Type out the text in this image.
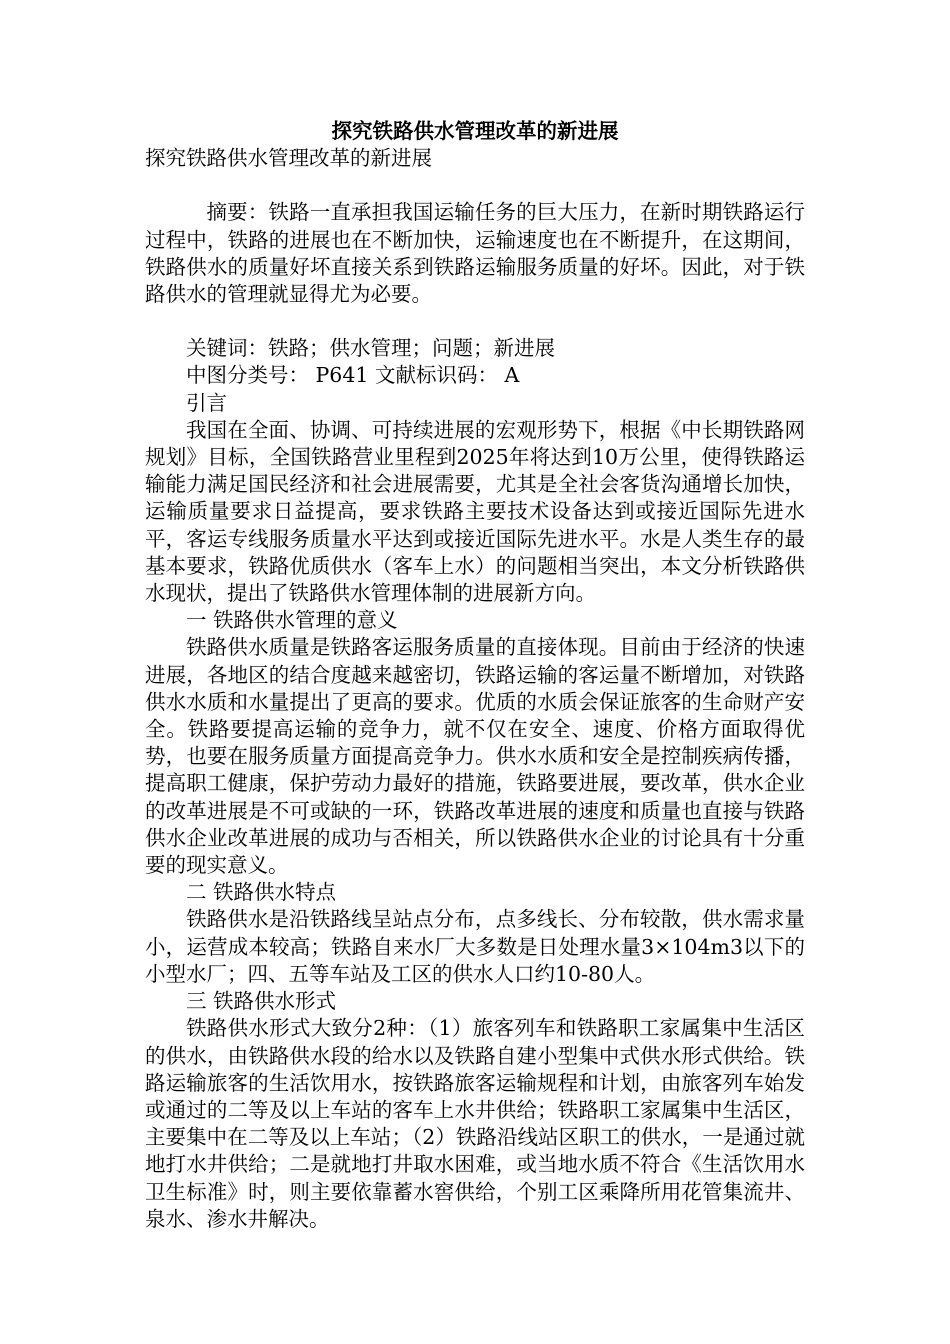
探究铁路供水管理改革的新进展

探究铁路供水管理改革的新进展

摘要：铁路一直承担我国运输任务的巨大压力，在新时期铁路运行过程中，铁路的进展也在不断加快，运输速度也在不断提升，在这期间，铁路供水的质量好坏直接关系到铁路运输服务质量的好坏。因此，对于铁路供水的管理就显得尤为必要。

关键词：铁路；供水管理；问题；新进展

中图分类号： P641 文献标识码： A

引言

我国在全面、协调、可持续进展的宏观形势下，根据《中长期铁路网规划》目标，全国铁路营业里程到2025年将达到10万公里，使得铁路运输能力满足国民经济和社会进展需要，尤其是全社会客货沟通增长加快，运输质量要求日益提高，要求铁路主要技术设备达到或接近国际先进水平，客运专线服务质量水平达到或接近国际先进水平。水是人类生存的最基本要求，铁路优质供水（客车上水）的问题相当突出，本文分析铁路供水现状，提出了铁路供水管理体制的进展新方向。

一 铁路供水管理的意义

铁路供水质量是铁路客运服务质量的直接体现。目前由于经济的快速进展，各地区的结合度越来越密切，铁路运输的客运量不断增加，对铁路供水水质和水量提出了更高的要求。优质的水质会保证旅客的生命财产安全。铁路要提高运输的竞争力，就不仅在安全、速度、价格方面取得优势，也要在服务质量方面提高竞争力。供水水质和安全是控制疾病传播，提高职工健康，保护劳动力最好的措施，铁路要进展，要改革，供水企业的改革进展是不可或缺的一环，铁路改革进展的速度和质量也直接与铁路供水企业改革进展的成功与否相关，所以铁路供水企业的讨论具有十分重要的现实意义。

二 铁路供水特点

铁路供水是沿铁路线呈站点分布，点多线长、分布较散，供水需求量小，运营成本较高；铁路自来水厂大多数是日处理水量3×104m3以下的小型水厂；四、五等车站及工区的供水人口约10-80人。

三 铁路供水形式

铁路供水形式大致分2种：（1）旅客列车和铁路职工家属集中生活区的供水，由铁路供水段的给水以及铁路自建小型集中式供水形式供给。铁路运输旅客的生活饮用水，按铁路旅客运输规程和计划，由旅客列车始发或通过的二等及以上车站的客车上水井供给；铁路职工家属集中生活区，主要集中在二等及以上车站；（2）铁路沿线站区职工的供水，一是通过就地打水井供给；二是就地打井取水困难，或当地水质不符合《生活饮用水卫生标准》时，则主要依靠蓄水窖供给，个别工区乘降所用花管集流井、泉水、渗水井解决。
